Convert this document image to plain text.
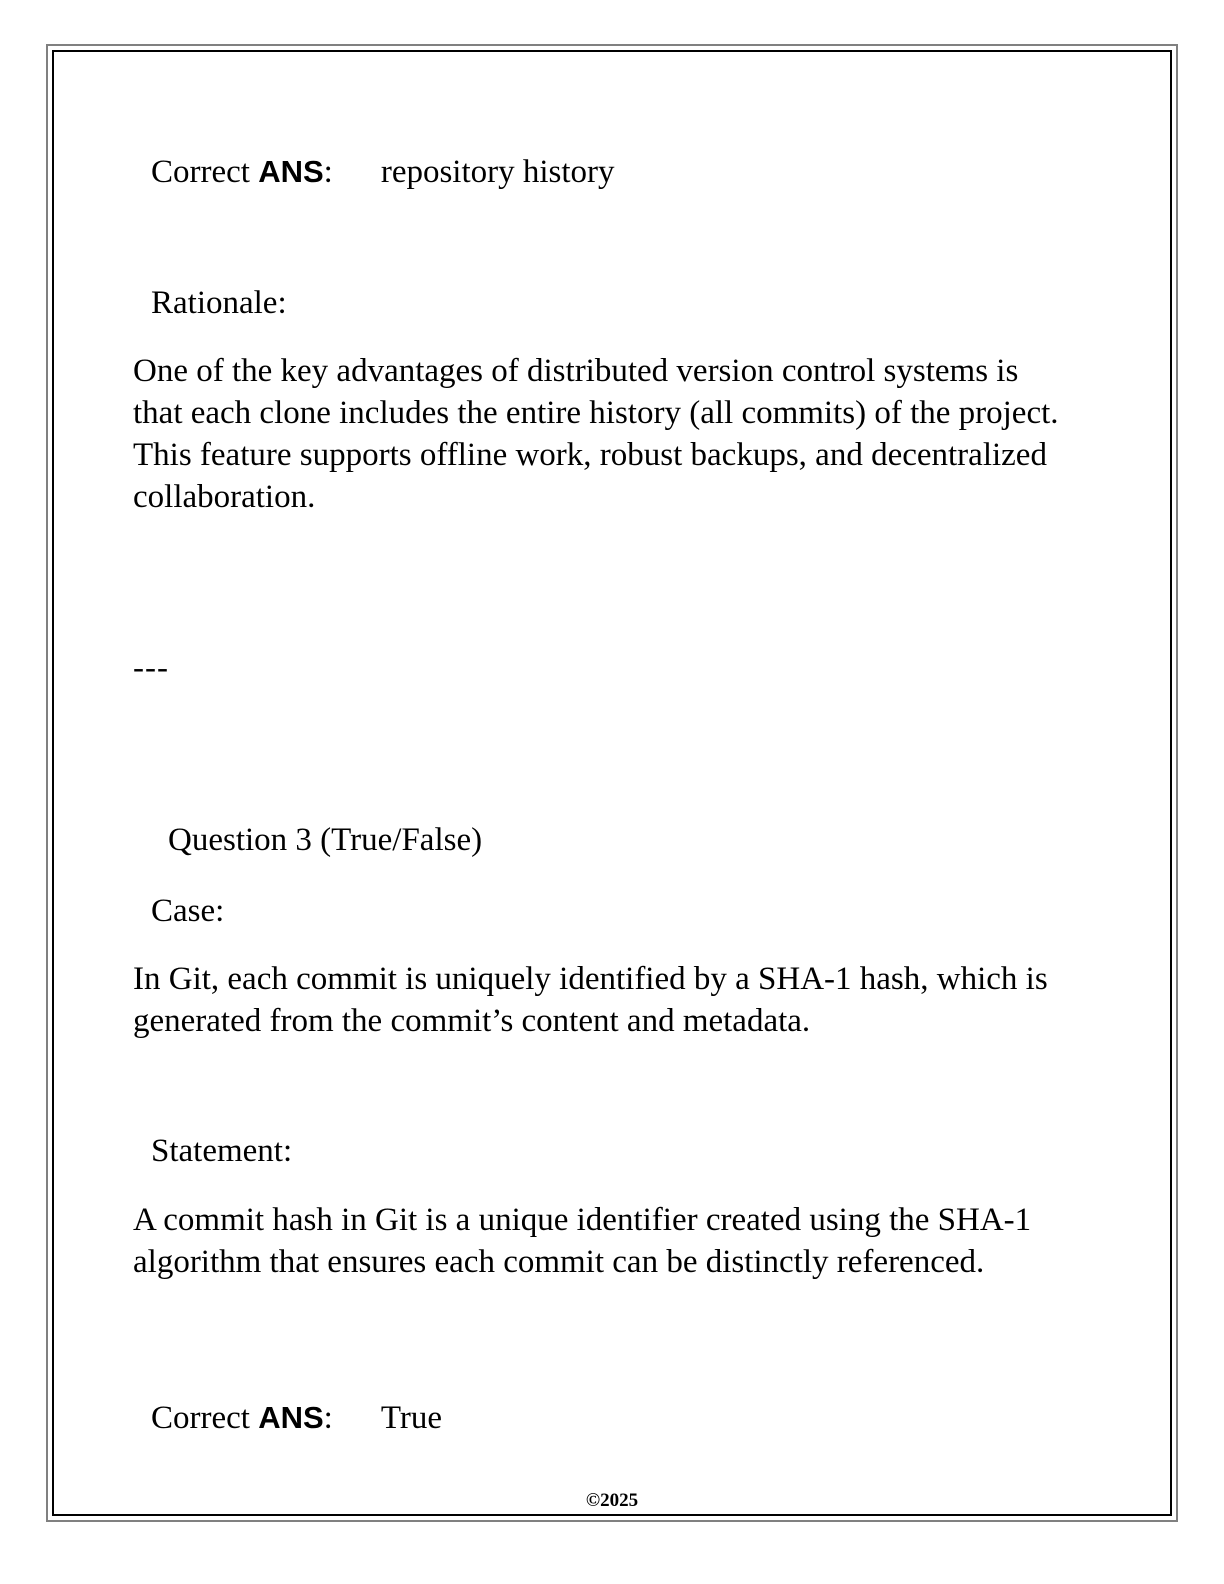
Correct ANS: repository history
Rationale:
One of the key advantages of distributed version control systems is that each clone includes the entire history (all commits) of the project. This feature supports offline work, robust backups, and decentralized collaboration.
---
Question 3 (True/False)
Case:
In Git, each commit is uniquely identified by a SHA-1 hash, which is generated from the commit’s content and metadata.
Statement:
A commit hash in Git is a unique identifier created using the SHA-1 algorithm that ensures each commit can be distinctly referenced.
Correct ANS: True
©2025
